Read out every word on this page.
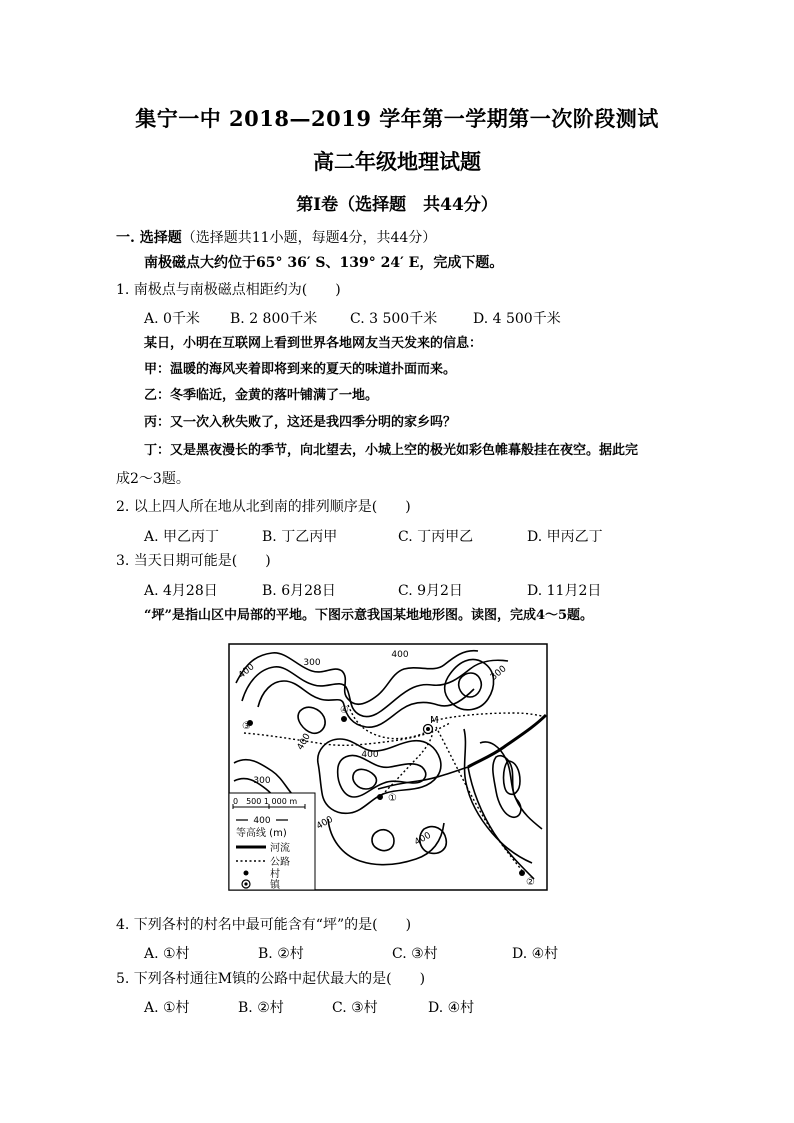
集宁一中 2018—2019 学年第一学期第一次阶段测试
高二年级地理试题
第Ⅰ卷（选择题　共44分）
一. 选择题（选择题共11小题，每题4分，共44分）
南极磁点大约位于65° 36′ S、139° 24′ E，完成下题。
1. 南极点与南极磁点相距约为(　　)
A. 0千米 B. 2 800千米 C. 3 500千米	D. 4 500千米
某日，小明在互联网上看到世界各地网友当天发来的信息：
甲：温暖的海风夹着即将到来的夏天的味道扑面而来。
乙：冬季临近，金黄的落叶铺满了一地。
丙：又一次入秋失败了，这还是我四季分明的家乡吗？
丁：又是黑夜漫长的季节，向北望去，小城上空的极光如彩色帷幕般挂在夜空。据此完
成2～3题。
2. 以上四人所在地从北到南的排列顺序是(　　)
A. 甲乙丙丁	B. 丁乙丙甲	C. 丁丙甲乙	D. 甲丙乙丁
3. 当天日期可能是(　　)
A. 4月28日	B. 6月28日	C. 9月2日	D. 11月2日
“坪”是指山区中局部的平地。下图示意我国某地地形图。读图，完成4～5题。
400	300
400
300
400
400
400
400
300
①
②
③
④
M
0　500 1 000 m
400
等高线 (m)
河流
公路
村
镇
4. 下列各村的村名中最可能含有“坪”的是(　　)
A. ①村	B. ②村	C. ③村	D. ④村
5. 下列各村通往M镇的公路中起伏最大的是(　　)
A. ①村	B. ②村	C. ③村	D. ④村
